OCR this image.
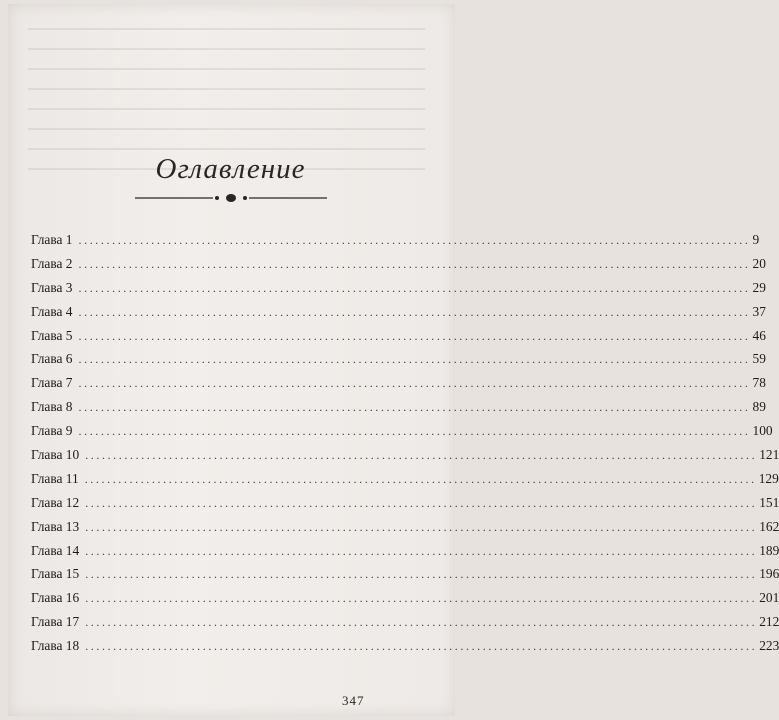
Оглавление
Глава 1 ........................................................................................................................ 9
Глава 2 ........................................................................................................................ 20
Глава 3 ........................................................................................................................ 29
Глава 4 ........................................................................................................................ 37
Глава 5 ........................................................................................................................ 46
Глава 6 ........................................................................................................................ 59
Глава 7 ........................................................................................................................ 78
Глава 8 ........................................................................................................................ 89
Глава 9 ........................................................................................................................ 100
Глава 10 ........................................................................................................................ 121
Глава 11 ........................................................................................................................ 129
Глава 12 ........................................................................................................................ 151
Глава 13 ........................................................................................................................ 162
Глава 14 ........................................................................................................................ 189
Глава 15 ........................................................................................................................ 196
Глава 16 ........................................................................................................................ 201
Глава 17 ........................................................................................................................ 212
Глава 18 ........................................................................................................................ 223
347
